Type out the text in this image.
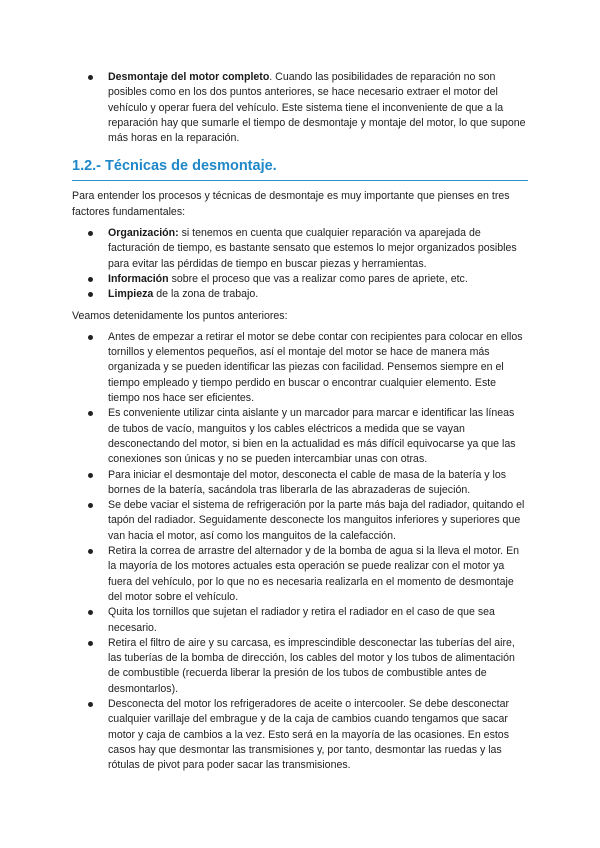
Desmontaje del motor completo. Cuando las posibilidades de reparación no son posibles como en los dos puntos anteriores, se hace necesario extraer el motor del vehículo y operar fuera del vehículo. Este sistema tiene el inconveniente de que a la reparación hay que sumarle el tiempo de desmontaje y montaje del motor, lo que supone más horas en la reparación.
1.2.- Técnicas de desmontaje.

Para entender los procesos y técnicas de desmontaje es muy importante que pienses en tres factores fundamentales:

Organización: si tenemos en cuenta que cualquier reparación va aparejada de facturación de tiempo, es bastante sensato que estemos lo mejor organizados posibles para evitar las pérdidas de tiempo en buscar piezas y herramientas.
Información sobre el proceso que vas a realizar como pares de apriete, etc.
Limpieza de la zona de trabajo.

Veamos detenidamente los puntos anteriores:

Antes de empezar a retirar el motor se debe contar con recipientes para colocar en ellos tornillos y elementos pequeños, así el montaje del motor se hace de manera más organizada y se pueden identificar las piezas con facilidad. Pensemos siempre en el tiempo empleado y tiempo perdido en buscar o encontrar cualquier elemento. Este tiempo nos hace ser eficientes.
Es conveniente utilizar cinta aislante y un marcador para marcar e identificar las líneas de tubos de vacío, manguitos y los cables eléctricos a medida que se vayan desconectando del motor, si bien en la actualidad es más difícil equivocarse ya que las conexiones son únicas y no se pueden intercambiar unas con otras.
Para iniciar el desmontaje del motor, desconecta el cable de masa de la batería y los bornes de la batería, sacándola tras liberarla de las abrazaderas de sujeción.
Se debe vaciar el sistema de refrigeración por la parte más baja del radiador, quitando el tapón del radiador. Seguidamente desconecte los manguitos inferiores y superiores que van hacia el motor, así como los manguitos de la calefacción.
Retira la correa de arrastre del alternador y de la bomba de agua si la lleva el motor. En la mayoría de los motores actuales esta operación se puede realizar con el motor ya fuera del vehículo, por lo que no es necesaria realizarla en el momento de desmontaje del motor sobre el vehículo.
Quita los tornillos que sujetan el radiador y retira el radiador en el caso de que sea necesario.
Retira el filtro de aire y su carcasa, es imprescindible desconectar las tuberías del aire, las tuberías de la bomba de dirección, los cables del motor y los tubos de alimentación de combustible (recuerda liberar la presión de los tubos de combustible antes de desmontarlos).
Desconecta del motor los refrigeradores de aceite o intercooler. Se debe desconectar cualquier varillaje del embrague y de la caja de cambios cuando tengamos que sacar motor y caja de cambios a la vez. Esto será en la mayoría de las ocasiones. En estos casos hay que desmontar las transmisiones y, por tanto, desmontar las ruedas y las rótulas de pivot para poder sacar las transmisiones.
